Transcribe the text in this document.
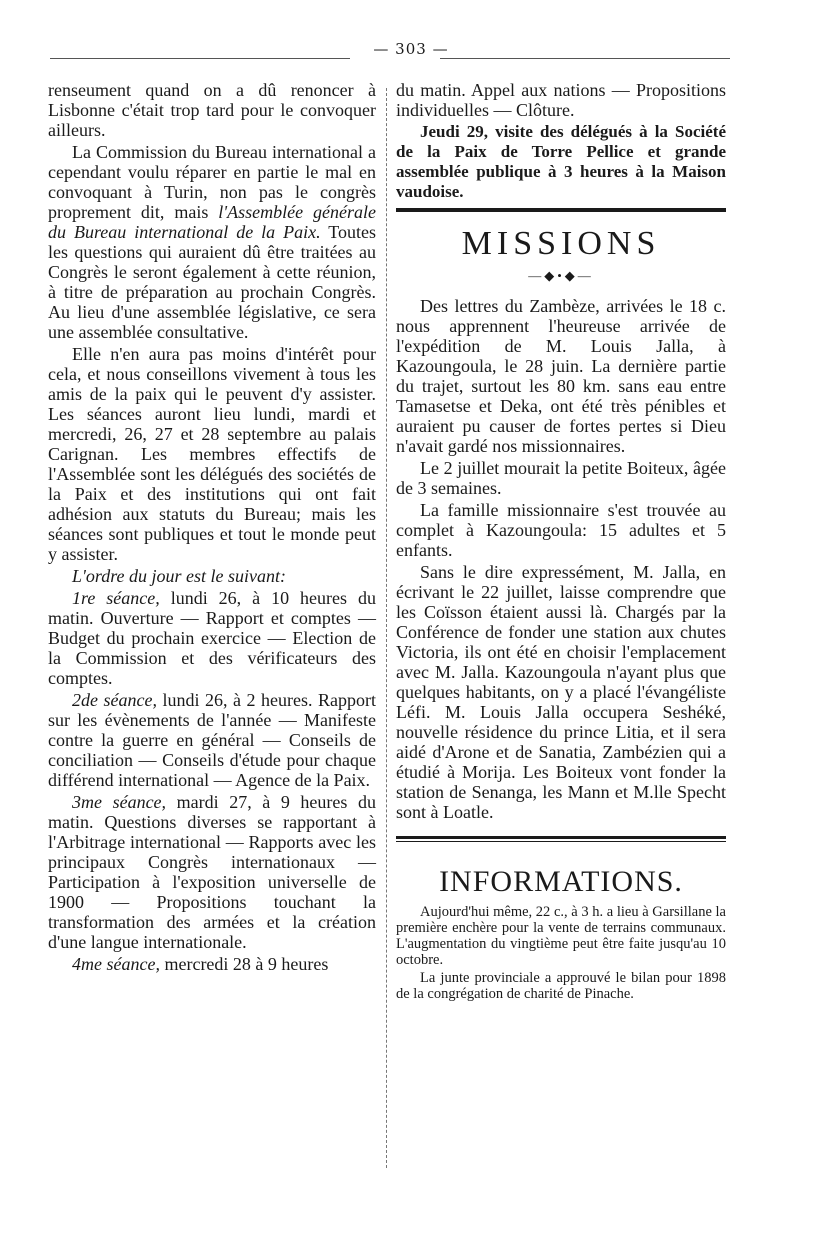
— 303 —

renseument quand on a dû renoncer à Lisbonne c'était trop tard pour le convoquer ailleurs.

La Commission du Bureau international a cependant voulu réparer en partie le mal en convoquant à Turin, non pas le congrès proprement dit, mais l'Assemblée générale du Bureau international de la Paix. Toutes les questions qui auraient dû être traitées au Congrès le seront également à cette réunion, à titre de préparation au prochain Congrès. Au lieu d'une assemblée législative, ce sera une assemblée consultative.

Elle n'en aura pas moins d'intérêt pour cela, et nous conseillons vivement à tous les amis de la paix qui le peuvent d'y assister. Les séances auront lieu lundi, mardi et mercredi, 26, 27 et 28 septembre au palais Carignan. Les membres effectifs de l'Assemblée sont les délégués des sociétés de la Paix et des institutions qui ont fait adhésion aux statuts du Bureau; mais les séances sont publiques et tout le monde peut y assister.

L'ordre du jour est le suivant:

1re séance, lundi 26, à 10 heures du matin. Ouverture — Rapport et comptes — Budget du prochain exercice — Election de la Commission et des vérificateurs des comptes.

2de séance, lundi 26, à 2 heures. Rapport sur les évènements de l'année — Manifeste contre la guerre en général — Conseils de conciliation — Conseils d'étude pour chaque différend international — Agence de la Paix.

3me séance, mardi 27, à 9 heures du matin. Questions diverses se rapportant à l'Arbitrage international — Rapports avec les principaux Congrès internationaux — Participation à l'exposition universelle de 1900 — Propositions touchant la transformation des armées et la création d'une langue internationale.

4me séance, mercredi 28 à 9 heures

du matin. Appel aux nations — Propositions individuelles — Clôture.

Jeudi 29, visite des délégués à la Société de la Paix de Torre Pellice et grande assemblée publique à 3 heures à la Maison vaudoise.

MISSIONS
—◆•◆—

Des lettres du Zambèze, arrivées le 18 c. nous apprennent l'heureuse arrivée de l'expédition de M. Louis Jalla, à Kazoungoula, le 28 juin. La dernière partie du trajet, surtout les 80 km. sans eau entre Tamasetse et Deka, ont été très pénibles et auraient pu causer de fortes pertes si Dieu n'avait gardé nos missionnaires.

Le 2 juillet mourait la petite Boiteux, âgée de 3 semaines.

La famille missionnaire s'est trouvée au complet à Kazoungoula: 15 adultes et 5 enfants.

Sans le dire expressément, M. Jalla, en écrivant le 22 juillet, laisse comprendre que les Coïsson étaient aussi là. Chargés par la Conférence de fonder une station aux chutes Victoria, ils ont été en choisir l'emplacement avec M. Jalla. Kazoungoula n'ayant plus que quelques habitants, on y a placé l'évangéliste Léfi. M. Louis Jalla occupera Seshéké, nouvelle résidence du prince Litia, et il sera aidé d'Arone et de Sanatia, Zambézien qui a étudié à Morija. Les Boiteux vont fonder la station de Senanga, les Mann et M.lle Specht sont à Loatle.

INFORMATIONS.

Aujourd'hui même, 22 c., à 3 h. a lieu à Garsillane la première enchère pour la vente de terrains communaux. L'augmentation du vingtième peut être faite jusqu'au 10 octobre.

La junte provinciale a approuvé le bilan pour 1898 de la congrégation de charité de Pinache.
